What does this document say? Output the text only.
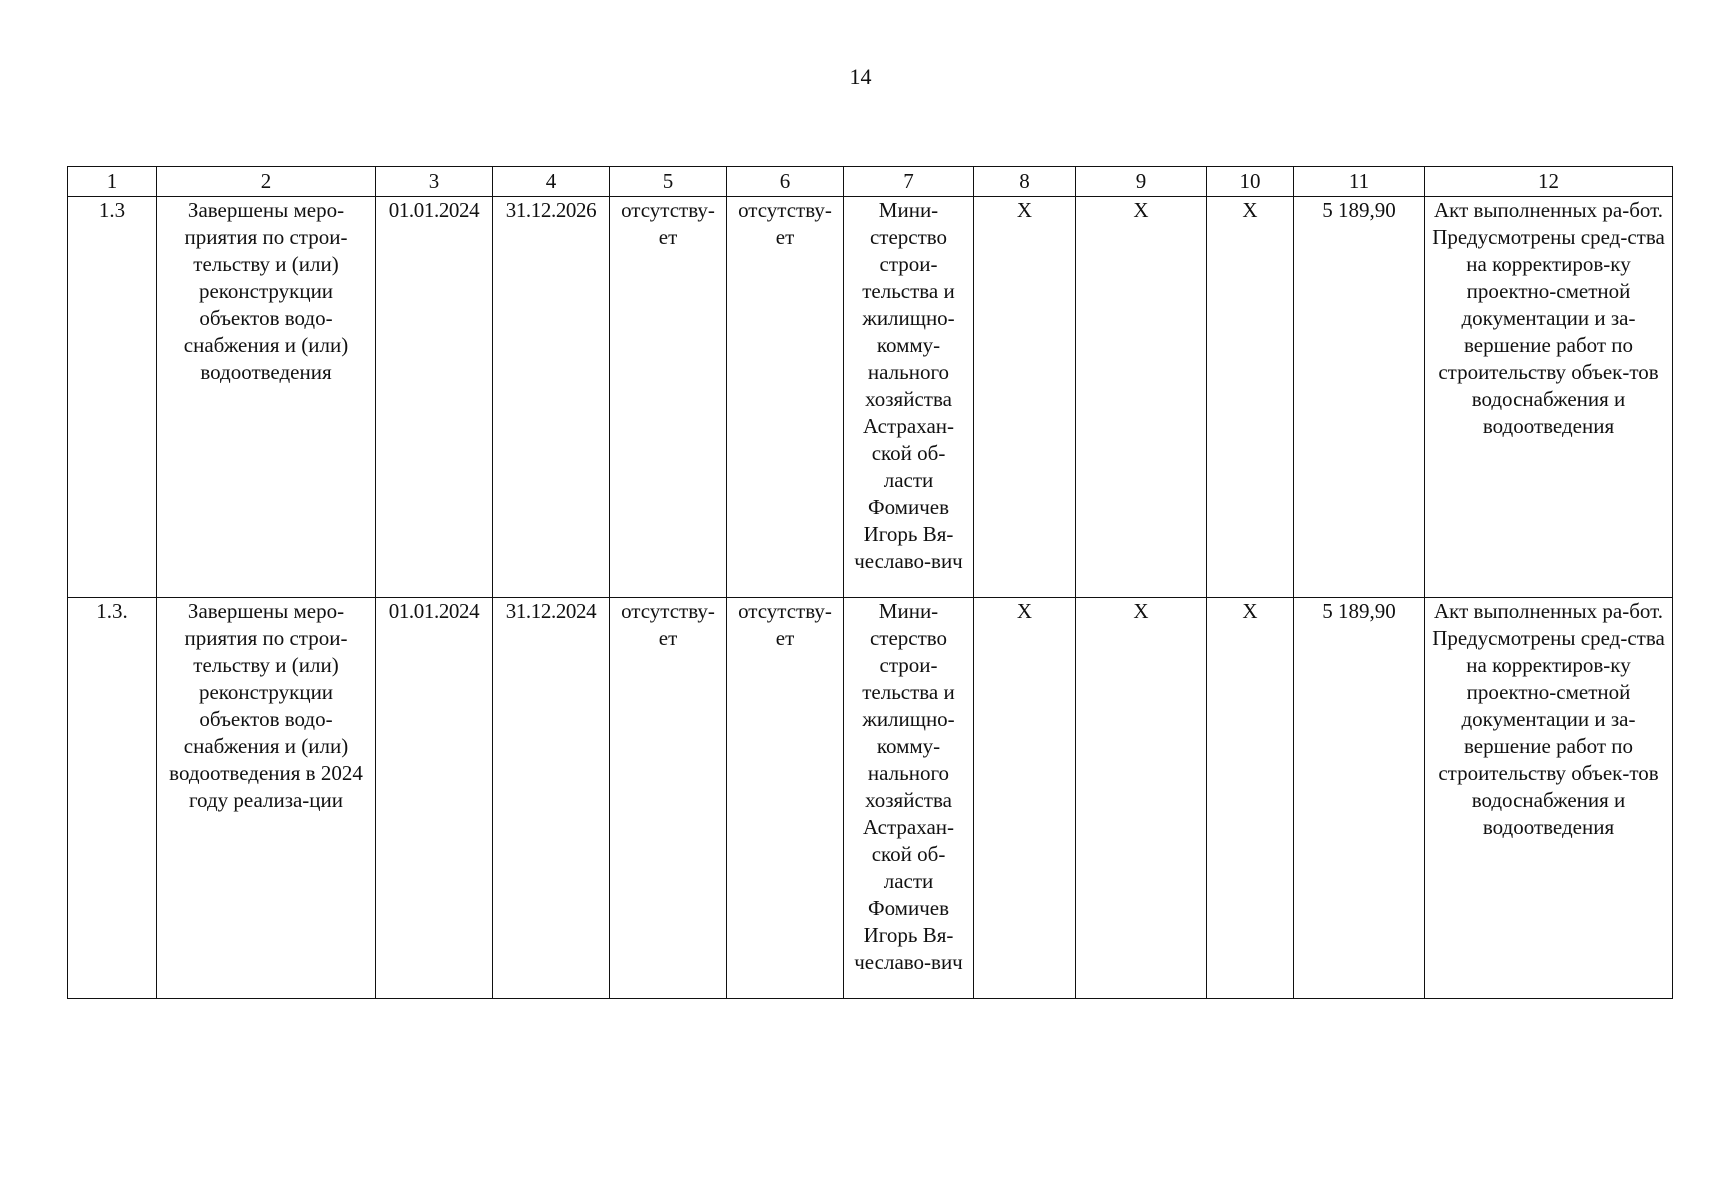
14
1	2	3	4	5	6	7	8	9	10	11	12
1.3	Завершены меро-приятия по строи-тельству и (или) реконструкции объектов водо-снабжения и (или) водоотведения	01.01.2024	31.12.2026	отсутству-ет	отсутству-ет	Мини-стерство строи-тельства и жилищно-комму-нального хозяйства Астрахан-ской об-ласти Фомичев Игорь Вя-чеславо-вич	X	X	X	5 189,90	Акт выполненных ра-бот. Предусмотрены сред-ства на корректиров-ку проектно-сметной документации и за-вершение работ по строительству объек-тов водоснабжения и водоотведения
1.3.	Завершены меро-приятия по строи-тельству и (или) реконструкции объектов водо-снабжения и (или) водоотведения в 2024 году реализа-ции	01.01.2024	31.12.2024	отсутству-ет	отсутству-ет	Мини-стерство строи-тельства и жилищно-комму-нального хозяйства Астрахан-ской об-ласти Фомичев Игорь Вя-чеславо-вич	X	X	X	5 189,90	Акт выполненных ра-бот. Предусмотрены сред-ства на корректиров-ку проектно-сметной документации и за-вершение работ по строительству объек-тов водоснабжения и водоотведения
